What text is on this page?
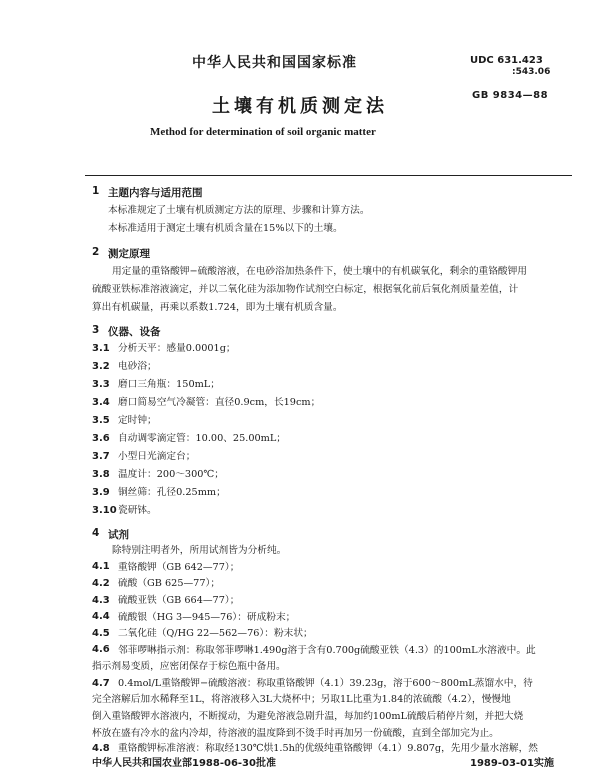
中华人民共和国国家标准	UDC 631.423
:543.06
GB 9834—88
土壤有机质测定法
Method for determination of soil organic matter
1 主题内容与适用范围
本标准规定了土壤有机质测定方法的原理、步骤和计算方法。
本标准适用于测定土壤有机质含量在15%以下的土壤。
2 测定原理
用定量的重铬酸钾−硫酸溶液，在电砂浴加热条件下，使土壤中的有机碳氧化，剩余的重铬酸钾用
硫酸亚铁标准溶液滴定，并以二氧化硅为添加物作试剂空白标定，根据氧化前后氧化剂质量差值，计
算出有机碳量，再乘以系数1.724，即为土壤有机质含量。
3 仪器、设备
3.1 分析天平：感量0.0001g；
3.2 电砂浴；
3.3 磨口三角瓶：150mL；
3.4 磨口简易空气冷凝管：直径0.9cm，长19cm；
3.5 定时钟；
3.6 自动调零滴定管：10.00、25.00mL；
3.7 小型日光滴定台；
3.8 温度计：200～300℃；
3.9 铜丝筛：孔径0.25mm；
3.10 瓷研钵。
4 试剂
除特别注明者外，所用试剂皆为分析纯。
4.1 重铬酸钾（GB 642—77）；
4.2 硫酸（GB 625—77）；
4.3 硫酸亚铁（GB 664—77）；
4.4 硫酸银（HG 3—945—76）：研成粉末；
4.5 二氧化硅（Q/HG 22—562—76）：粉末状；
4.6 邻菲啰啉指示剂：称取邻菲啰啉1.490g溶于含有0.700g硫酸亚铁（4.3）的100mL水溶液中。此
指示剂易变质，应密闭保存于棕色瓶中备用。
4.7 0.4mol/L重铬酸钾−硫酸溶液：称取重铬酸钾（4.1）39.23g，溶于600～800mL蒸馏水中，待
完全溶解后加水稀释至1L，将溶液移入3L大烧杯中；另取1L比重为1.84的浓硫酸（4.2），慢慢地
倒入重铬酸钾水溶液内，不断搅动，为避免溶液急剧升温，每加约100mL硫酸后稍停片刻，并把大烧
杯放在盛有冷水的盆内冷却，待溶液的温度降到不烫手时再加另一份硫酸，直到全部加完为止。
4.8 重铬酸钾标准溶液：称取经130℃烘1.5h的优级纯重铬酸钾（4.1）9.807g，先用少量水溶解，然
中华人民共和国农业部1988-06-30批准	1989-03-01实施
